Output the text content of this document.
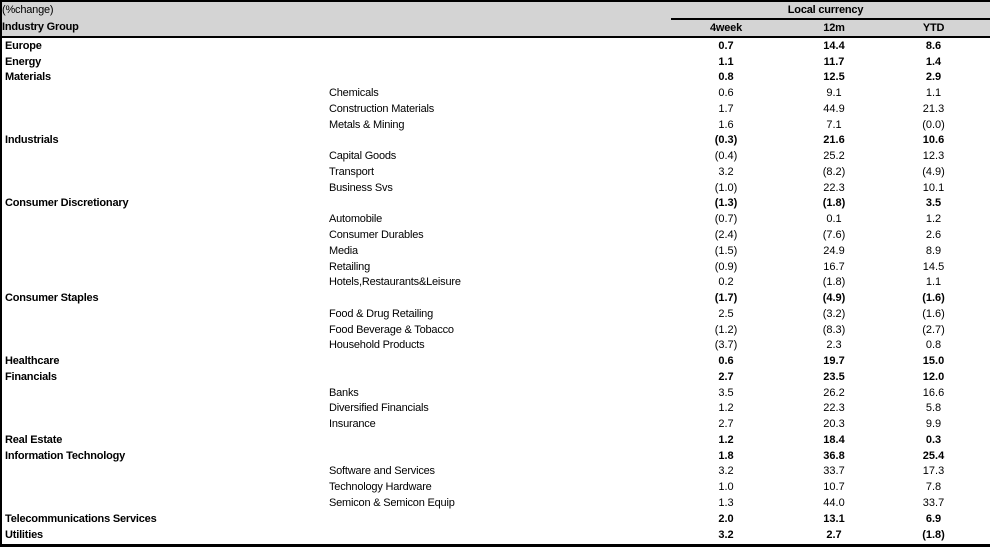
(%change)		Local currency		
Industry Group		4week	12m	YTD
Europe		0.7	14.4	8.6
Energy		1.1	11.7	1.4
Materials		0.8	12.5	2.9
	Chemicals	0.6	9.1	1.1
	Construction Materials	1.7	44.9	21.3
	Metals & Mining	1.6	7.1	(0.0)
Industrials		(0.3)	21.6	10.6
	Capital Goods	(0.4)	25.2	12.3
	Transport	3.2	(8.2)	(4.9)
	Business Svs	(1.0)	22.3	10.1
Consumer Discretionary		(1.3)	(1.8)	3.5
	Automobile	(0.7)	0.1	1.2
	Consumer Durables	(2.4)	(7.6)	2.6
	Media	(1.5)	24.9	8.9
	Retailing	(0.9)	16.7	14.5
	Hotels,Restaurants&Leisure	0.2	(1.8)	1.1
Consumer Staples		(1.7)	(4.9)	(1.6)
	Food & Drug Retailing	2.5	(3.2)	(1.6)
	Food Beverage & Tobacco	(1.2)	(8.3)	(2.7)
	Household Products	(3.7)	2.3	0.8
Healthcare		0.6	19.7	15.0
Financials		2.7	23.5	12.0
	Banks	3.5	26.2	16.6
	Diversified Financials	1.2	22.3	5.8
	Insurance	2.7	20.3	9.9
Real Estate		1.2	18.4	0.3
Information Technology		1.8	36.8	25.4
	Software and Services	3.2	33.7	17.3
	Technology Hardware	1.0	10.7	7.8
	Semicon & Semicon Equip	1.3	44.0	33.7
Telecommunications Services		2.0	13.1	6.9
Utilities		3.2	2.7	(1.8)
